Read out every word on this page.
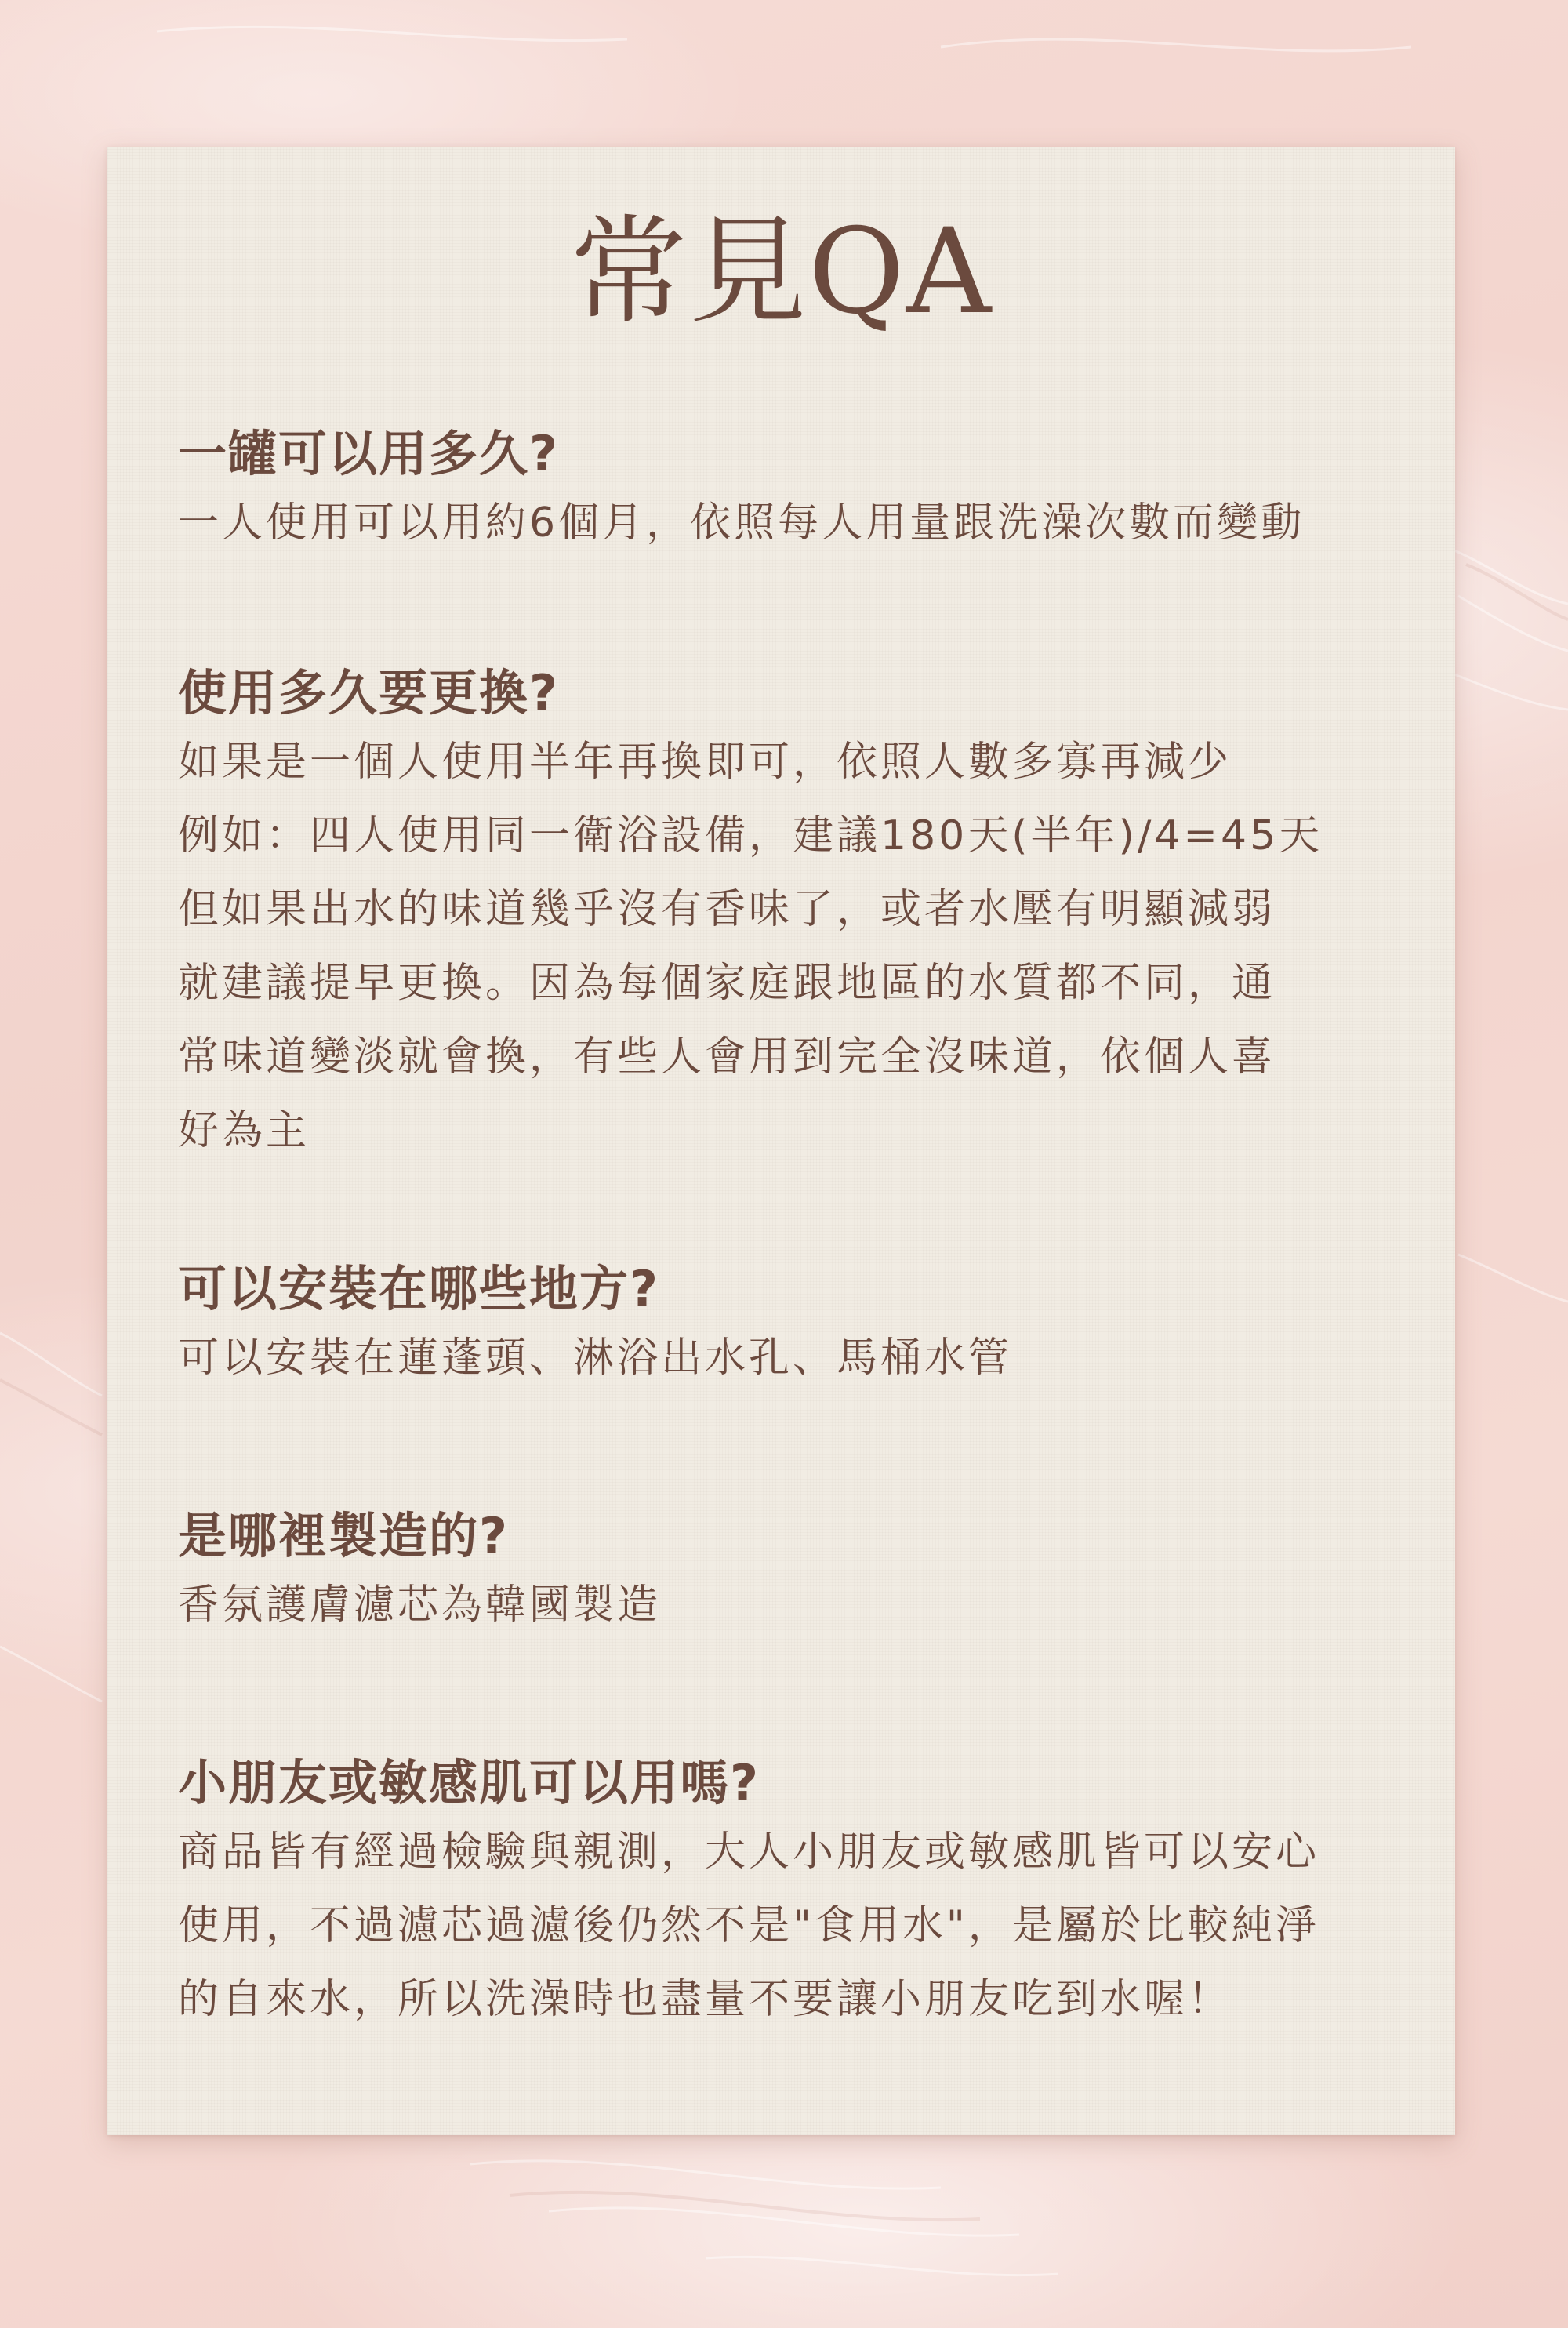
常見QA
一罐可以用多久?

一人使用可以用約6個月，依照每人用量跟洗澡次數而變動

使用多久要更換?

如果是一個人使用半年再換即可，依照人數多寡再減少
例如：四人使用同一衛浴設備，建議180天(半年)/4=45天
但如果出水的味道幾乎沒有香味了，或者水壓有明顯減弱
就建議提早更換。因為每個家庭跟地區的水質都不同，通
常味道變淡就會換，有些人會用到完全沒味道，依個人喜
好為主

可以安裝在哪些地方?

可以安裝在蓮蓬頭、淋浴出水孔、馬桶水管

是哪裡製造的?

香氛護膚濾芯為韓國製造

小朋友或敏感肌可以用嗎?

商品皆有經過檢驗與親測，大人小朋友或敏感肌皆可以安心
使用，不過濾芯過濾後仍然不是"食用水"，是屬於比較純淨
的自來水，所以洗澡時也盡量不要讓小朋友吃到水喔！
